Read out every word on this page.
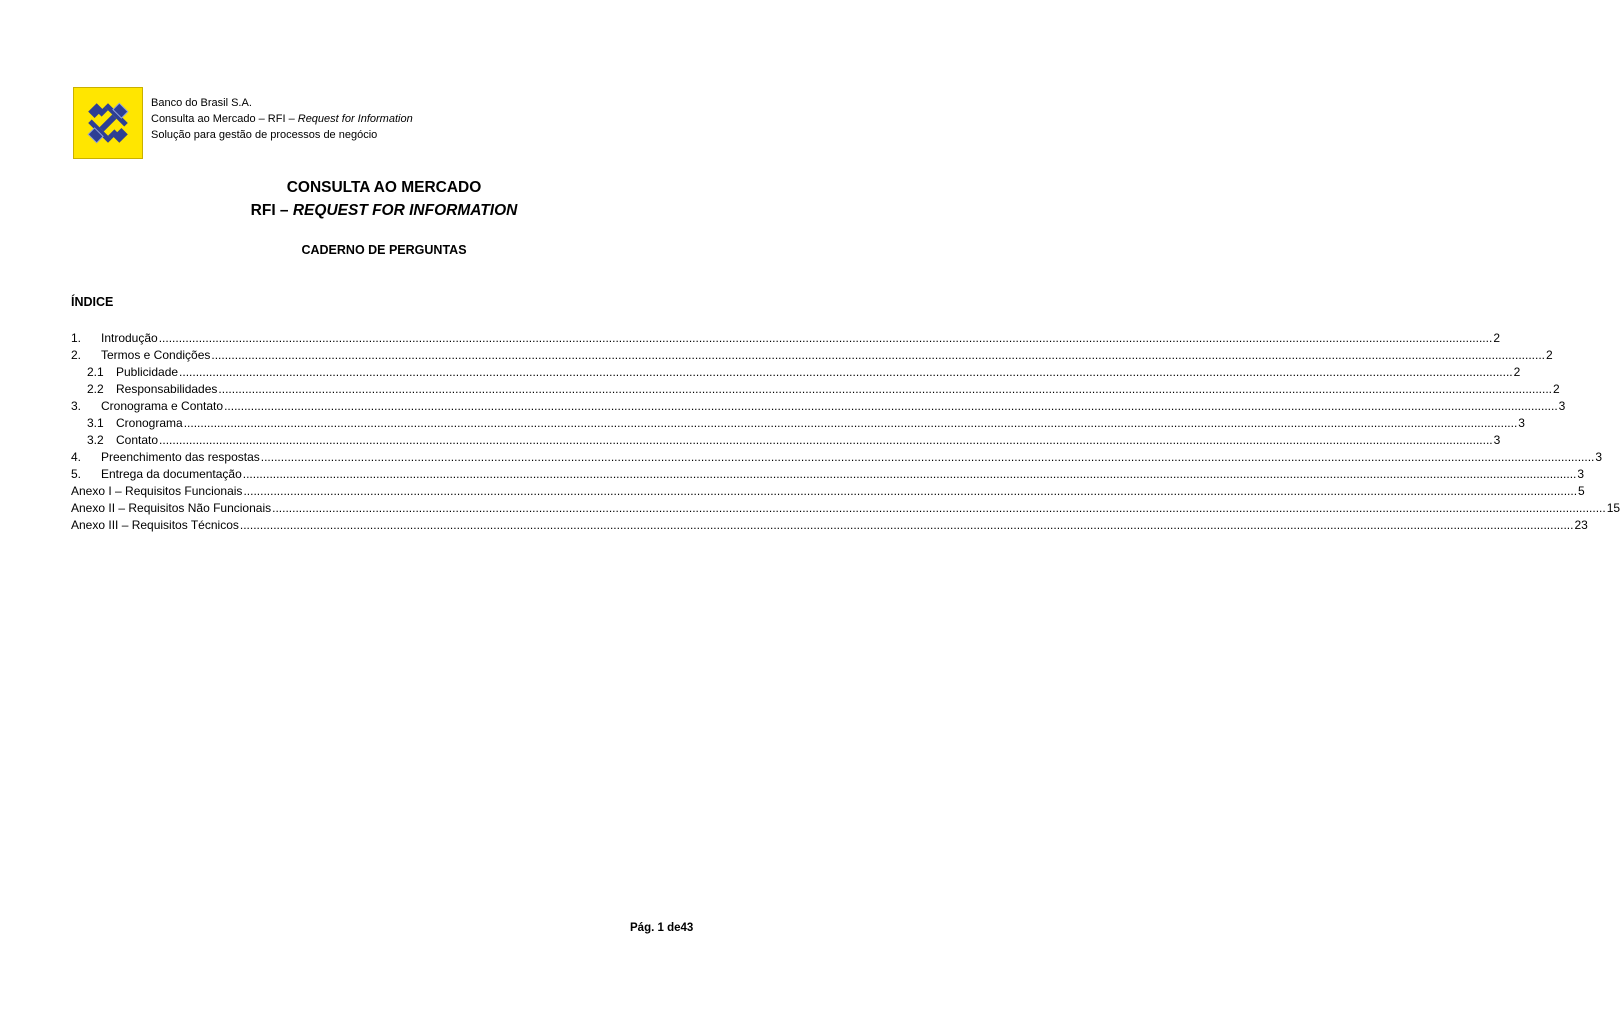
Banco do Brasil S.A.
Consulta ao Mercado – RFI – Request for Information
Solução para gestão de processos de negócio
CONSULTA AO MERCADO
RFI – REQUEST FOR INFORMATION
CADERNO DE PERGUNTAS
ÍNDICE
1. Introdução ................................................................................................................................................................................................................................................................................................................................................................................................................ 2
2. Termos e Condições ................................................................................................................................................................................................................................................................................................................................................................................................................ 2
2.1 Publicidade ................................................................................................................................................................................................................................................................................................................................................................................................................ 2
2.2 Responsabilidades ................................................................................................................................................................................................................................................................................................................................................................................................................ 2
3. Cronograma e Contato ................................................................................................................................................................................................................................................................................................................................................................................................................ 3
3.1 Cronograma ................................................................................................................................................................................................................................................................................................................................................................................................................ 3
3.2 Contato ................................................................................................................................................................................................................................................................................................................................................................................................................ 3
4. Preenchimento das respostas ................................................................................................................................................................................................................................................................................................................................................................................................................ 3
5. Entrega da documentação ................................................................................................................................................................................................................................................................................................................................................................................................................ 3
Anexo I – Requisitos Funcionais ................................................................................................................................................................................................................................................................................................................................................................................................................ 5
Anexo II – Requisitos Não Funcionais ................................................................................................................................................................................................................................................................................................................................................................................................................ 15
Anexo III – Requisitos Técnicos ................................................................................................................................................................................................................................................................................................................................................................................................................ 23
Pág. 1 de43
